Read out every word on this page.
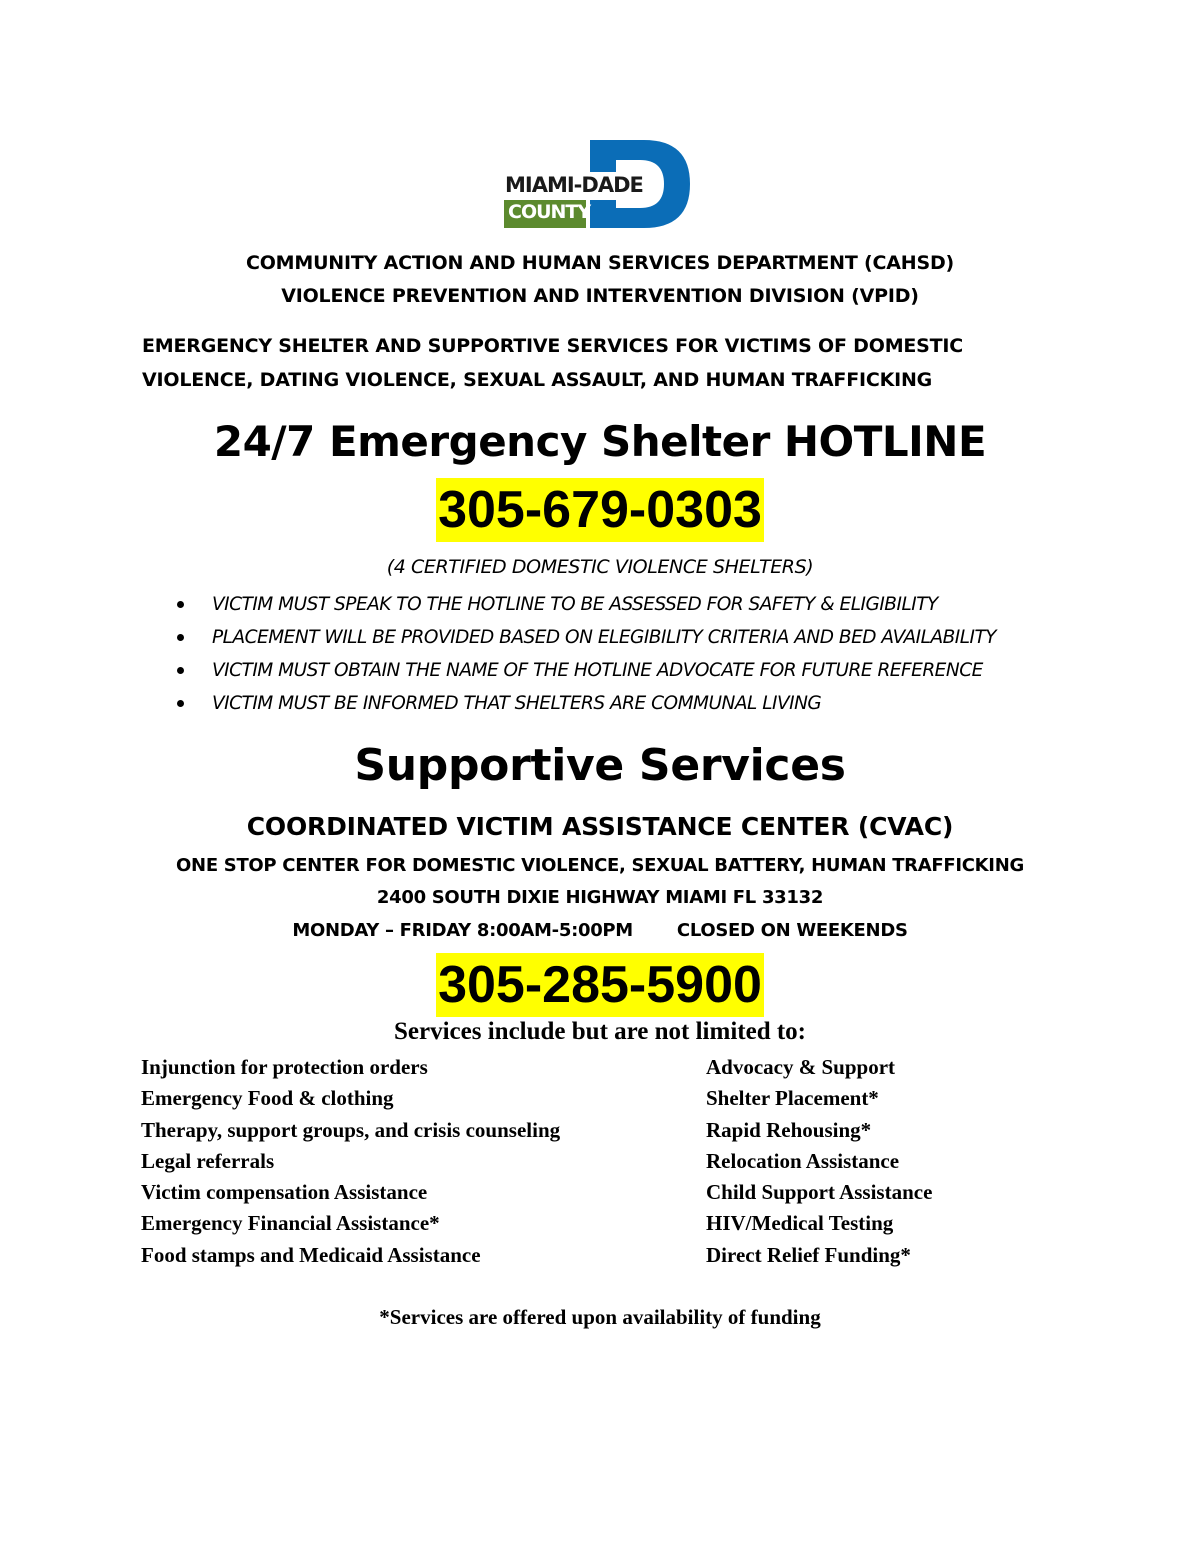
MIAMI-DADE
COUNTY
COMMUNITY ACTION AND HUMAN SERVICES DEPARTMENT (CAHSD)
VIOLENCE PREVENTION AND INTERVENTION DIVISION (VPID)
EMERGENCY SHELTER AND SUPPORTIVE SERVICES FOR VICTIMS OF DOMESTIC
VIOLENCE, DATING VIOLENCE, SEXUAL ASSAULT, AND HUMAN TRAFFICKING
24/7 Emergency Shelter HOTLINE
305-679-0303
(4 CERTIFIED DOMESTIC VIOLENCE SHELTERS)
VICTIM MUST SPEAK TO THE HOTLINE TO BE ASSESSED FOR SAFETY & ELIGIBILITY
PLACEMENT WILL BE PROVIDED BASED ON ELEGIBILITY CRITERIA AND BED AVAILABILITY
VICTIM MUST OBTAIN THE NAME OF THE HOTLINE ADVOCATE FOR FUTURE REFERENCE
VICTIM MUST BE INFORMED THAT SHELTERS ARE COMMUNAL LIVING
Supportive Services
COORDINATED VICTIM ASSISTANCE CENTER (CVAC)
ONE STOP CENTER FOR DOMESTIC VIOLENCE, SEXUAL BATTERY, HUMAN TRAFFICKING
2400 SOUTH DIXIE HIGHWAY MIAMI FL 33132
MONDAY – FRIDAY 8:00AM-5:00PM CLOSED ON WEEKENDS
305-285-5900
Services include but are not limited to:
Injunction for protection orders
Emergency Food & clothing
Therapy, support groups, and crisis counseling
Legal referrals
Victim compensation Assistance
Emergency Financial Assistance*
Food stamps and Medicaid Assistance
Advocacy & Support
Shelter Placement*
Rapid Rehousing*
Relocation Assistance
Child Support Assistance
HIV/Medical Testing
Direct Relief Funding*
*Services are offered upon availability of funding
